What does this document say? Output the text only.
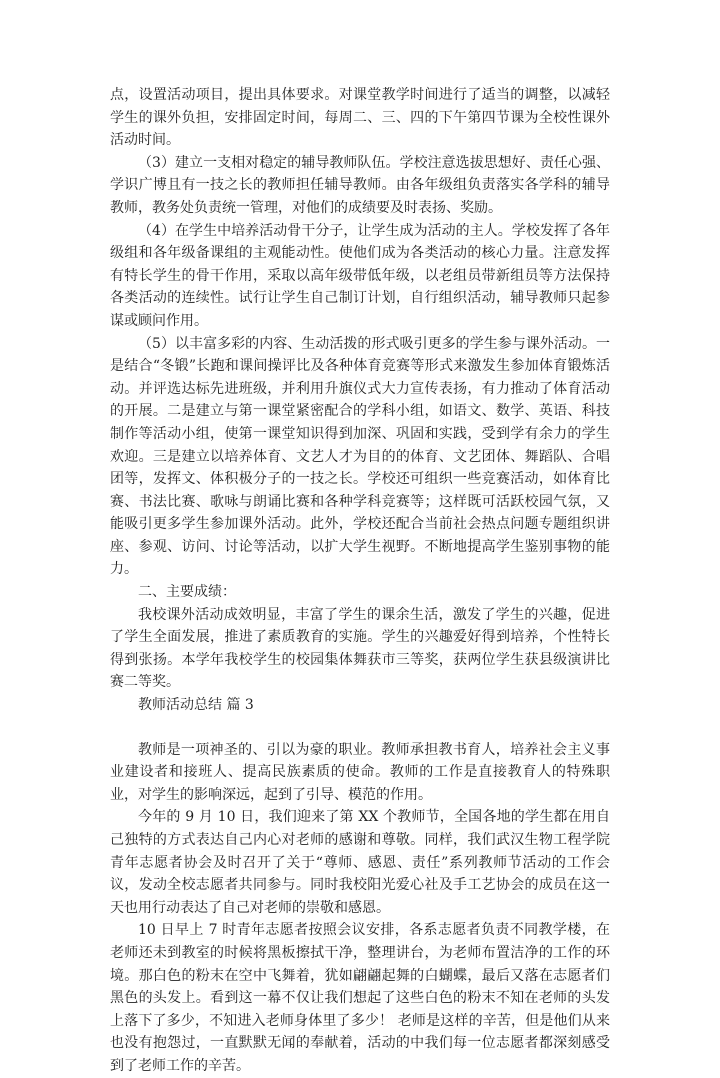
点，设置活动项目，提出具体要求。对课堂教学时间进行了适当的调整，以减轻学生的课外负担，安排固定时间，每周二、三、四的下午第四节课为全校性课外活动时间。

（3）建立一支相对稳定的辅导教师队伍。学校注意选拔思想好、责任心强、学识广博且有一技之长的教师担任辅导教师。由各年级组负责落实各学科的辅导教师，教务处负责统一管理，对他们的成绩要及时表扬、奖励。

（4）在学生中培养活动骨干分子，让学生成为活动的主人。学校发挥了各年级组和各年级备课组的主观能动性。使他们成为各类活动的核心力量。注意发挥有特长学生的骨干作用，采取以高年级带低年级，以老组员带新组员等方法保持各类活动的连续性。试行让学生自己制订计划，自行组织活动，辅导教师只起参谋或顾问作用。

（5）以丰富多彩的内容、生动活拨的形式吸引更多的学生参与课外活动。一是结合“冬锻”长跑和课间操评比及各种体育竞赛等形式来激发生参加体育锻炼活动。并评选达标先进班级，并利用升旗仪式大力宣传表扬，有力推动了体育活动的开展。二是建立与第一课堂紧密配合的学科小组，如语文、数学、英语、科技制作等活动小组，使第一课堂知识得到加深、巩固和实践，受到学有余力的学生欢迎。三是建立以培养体育、文艺人才为目的的体育、文艺团体、舞蹈队、合唱团等，发挥文、体积极分子的一技之长。学校还可组织一些竞赛活动，如体育比赛、书法比赛、歌咏与朗诵比赛和各种学科竞赛等；这样既可活跃校园气氛，又能吸引更多学生参加课外活动。此外，学校还配合当前社会热点问题专题组织讲座、参观、访问、讨论等活动，以扩大学生视野。不断地提高学生鉴别事物的能力。

二、主要成绩：

我校课外活动成效明显，丰富了学生的课余生活，激发了学生的兴趣，促进了学生全面发展，推进了素质教育的实施。学生的兴趣爱好得到培养，个性特长得到张扬。本学年我校学生的校园集体舞获市三等奖，获两位学生获县级演讲比赛二等奖。

教师活动总结 篇 3

教师是一项神圣的、引以为豪的职业。教师承担教书育人，培养社会主义事业建设者和接班人、提高民族素质的使命。教师的工作是直接教育人的特殊职业，对学生的影响深远，起到了引导、模范的作用。

今年的 9 月 10 日，我们迎来了第 XX 个教师节，全国各地的学生都在用自己独特的方式表达自己内心对老师的感谢和尊敬。同样，我们武汉生物工程学院青年志愿者协会及时召开了关于“尊师、感恩、责任”系列教师节活动的工作会议，发动全校志愿者共同参与。同时我校阳光爱心社及手工艺协会的成员在这一天也用行动表达了自己对老师的崇敬和感恩。

10 日早上 7 时青年志愿者按照会议安排，各系志愿者负责不同教学楼，在老师还未到教室的时候将黑板擦拭干净，整理讲台，为老师布置洁净的工作的环境。那白色的粉末在空中飞舞着，犹如翩翩起舞的白蝴蝶，最后又落在志愿者们黑色的头发上。看到这一幕不仅让我们想起了这些白色的粉末不知在老师的头发上落下了多少，不知进入老师身体里了多少！ 老师是这样的辛苦，但是他们从来也没有抱怨过，一直默默无闻的奉献着，活动的中我们每一位志愿者都深刻感受到了老师工作的辛苦。
